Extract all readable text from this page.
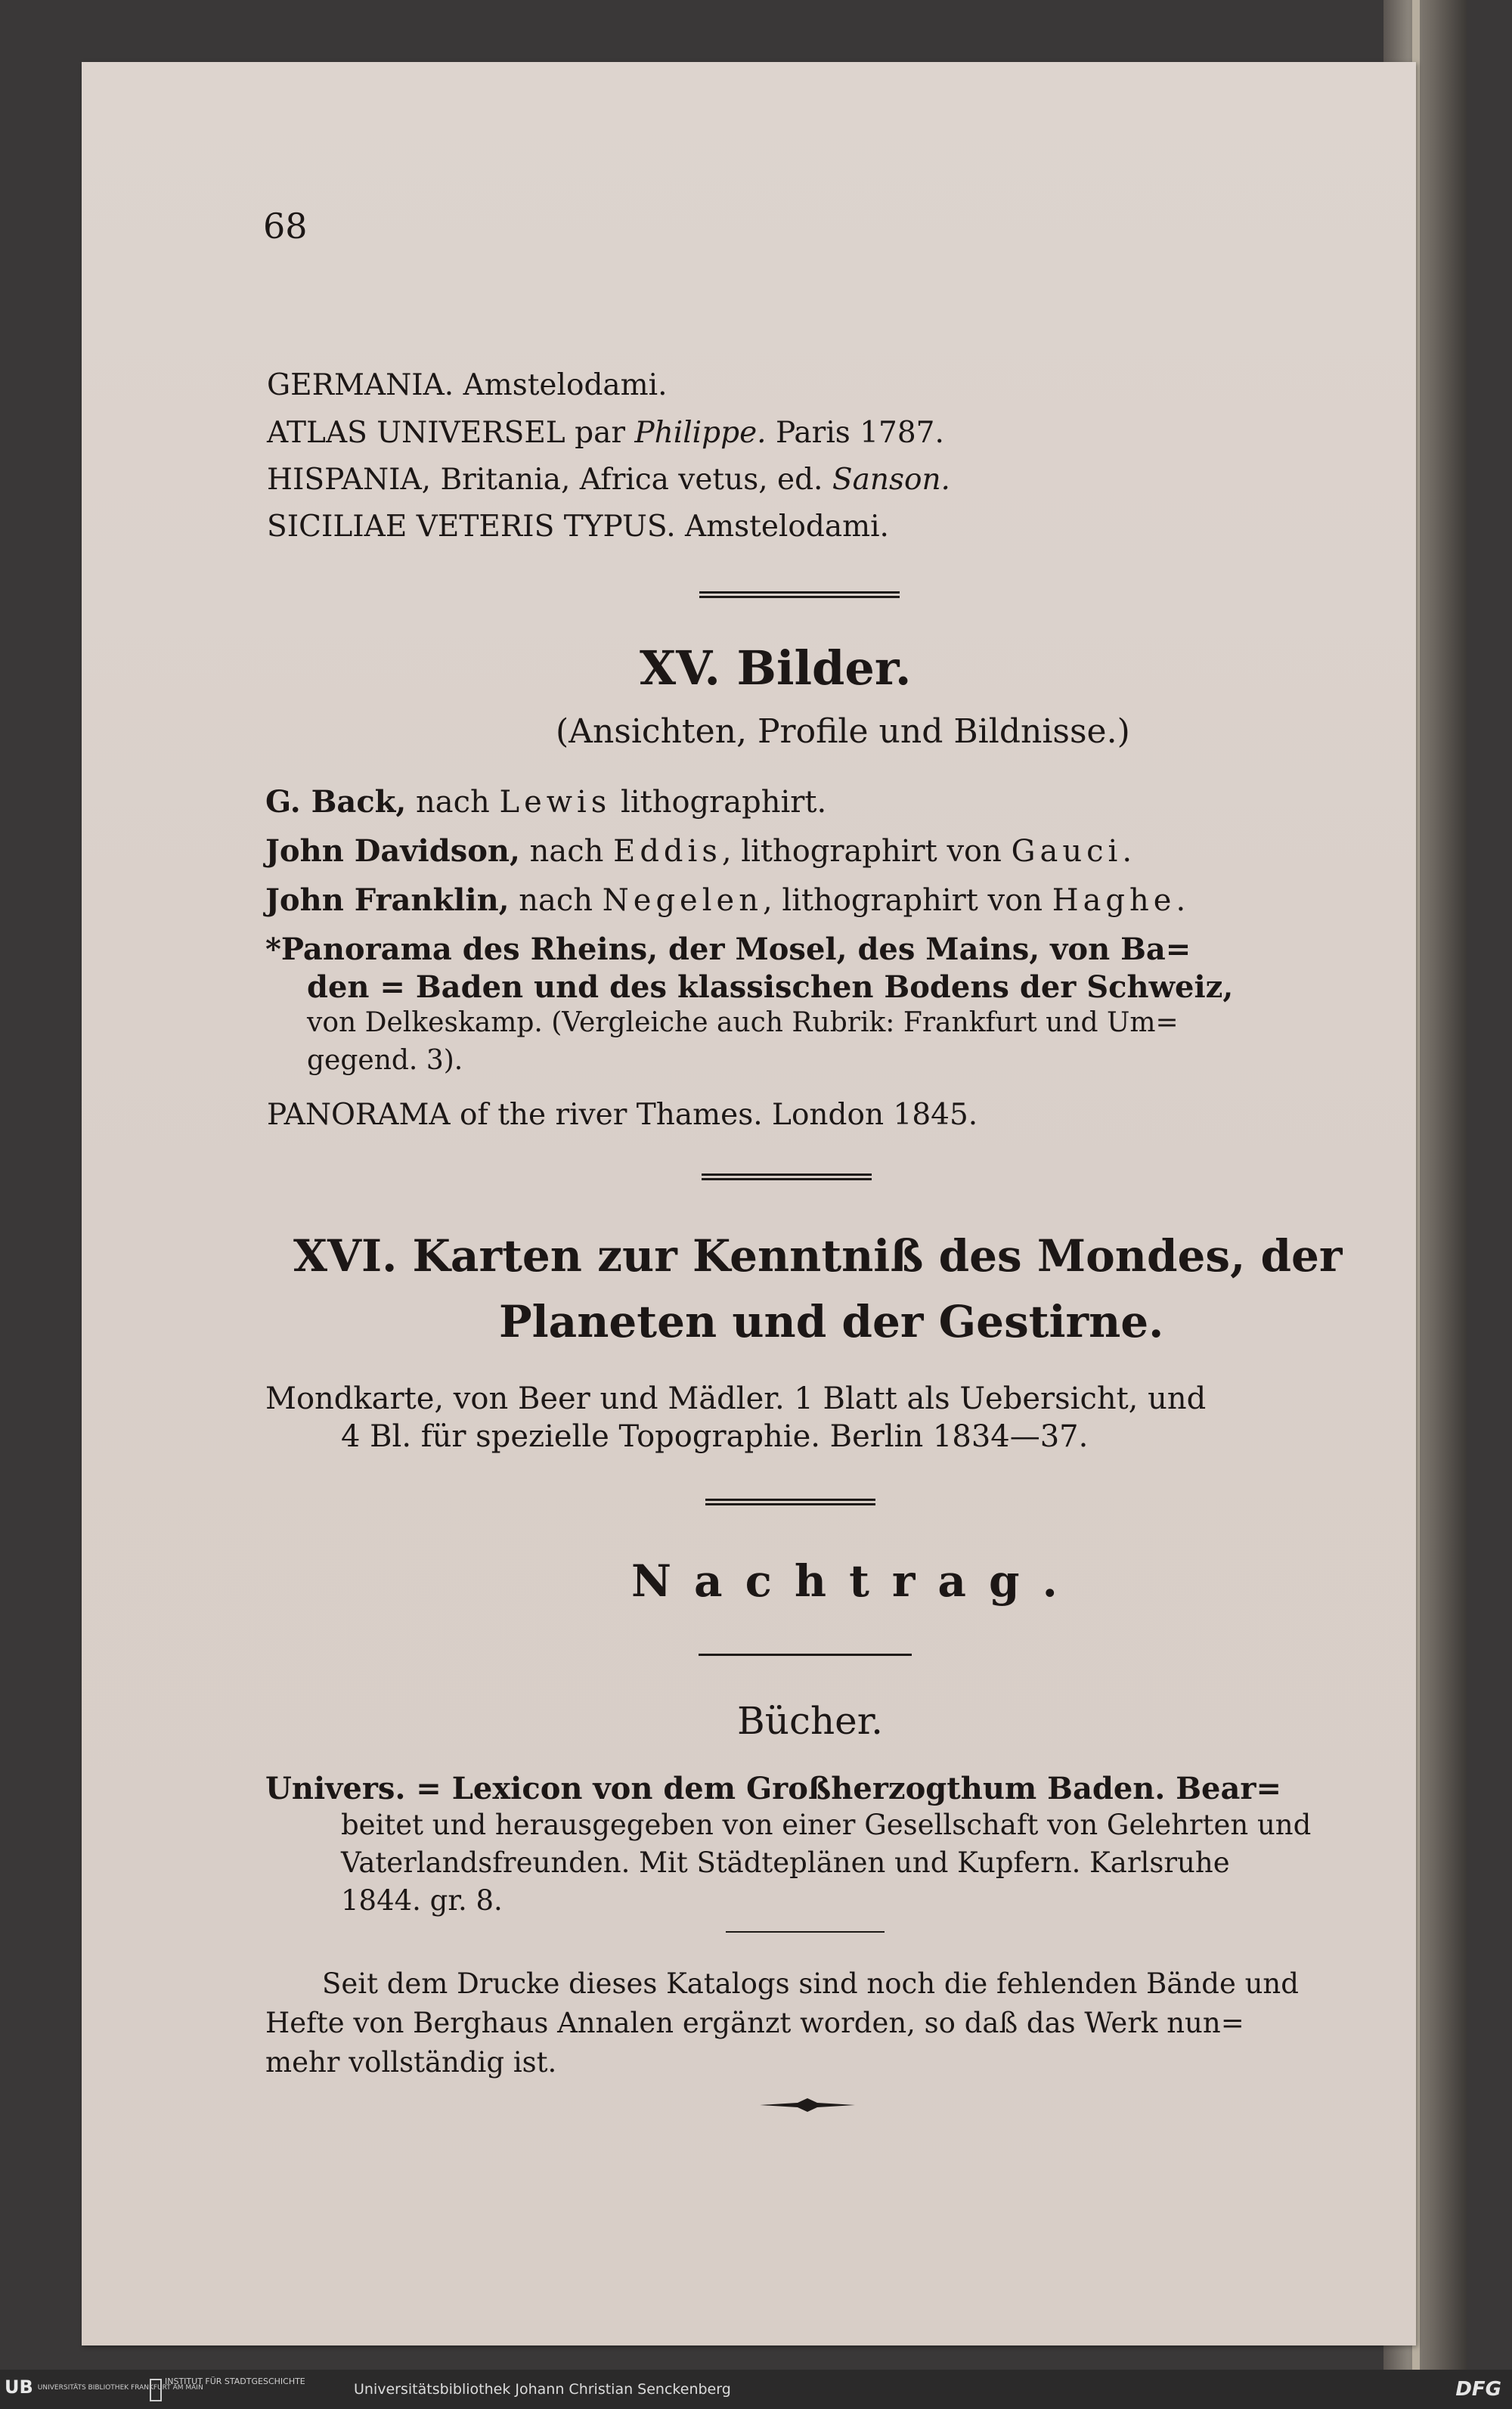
68
GERMANIA. Amstelodami.
ATLAS UNIVERSEL par Philippe. Paris 1787.
HISPANIA, Britania, Africa vetus, ed. Sanson.
SICILIAE VETERIS TYPUS. Amstelodami.
XV. Bilder.
(Ansichten, Profile und Bildnisse.)
G. Back, nach Lewis lithographirt.
John Davidson, nach Eddis, lithographirt von Gauci.
John Franklin, nach Negelen, lithographirt von Haghe.
*Panorama des Rheins, der Mosel, des Mains, von Ba=
den = Baden und des klassischen Bodens der Schweiz,
von Delkeskamp. (Vergleiche auch Rubrik: Frankfurt und Um=
gegend. 3).
PANORAMA of the river Thames. London 1845.
XVI. Karten zur Kenntniß des Mondes, der
Planeten und der Gestirne.
Mondkarte, von Beer und Mädler. 1 Blatt als Uebersicht, und
4 Bl. für spezielle Topographie. Berlin 1834—37.
Nachtrag.
Bücher.
Univers. = Lexicon von dem Großherzogthum Baden. Bear=
beitet und herausgegeben von einer Gesellschaft von Gelehrten und
Vaterlandsfreunden. Mit Städteplänen und Kupfern. Karlsruhe
1844. gr. 8.
Seit dem Drucke dieses Katalogs sind noch die fehlenden Bände und
Hefte von Berghaus Annalen ergänzt worden, so daß das Werk nun=
mehr vollständig ist.
UB UNIVERSITÄTS BIBLIOTHEK FRANKFURT AM MAIN
INSTITUT FÜR STADTGESCHICHTE	Universitätsbibliothek Johann Christian Senckenberg	DFG
